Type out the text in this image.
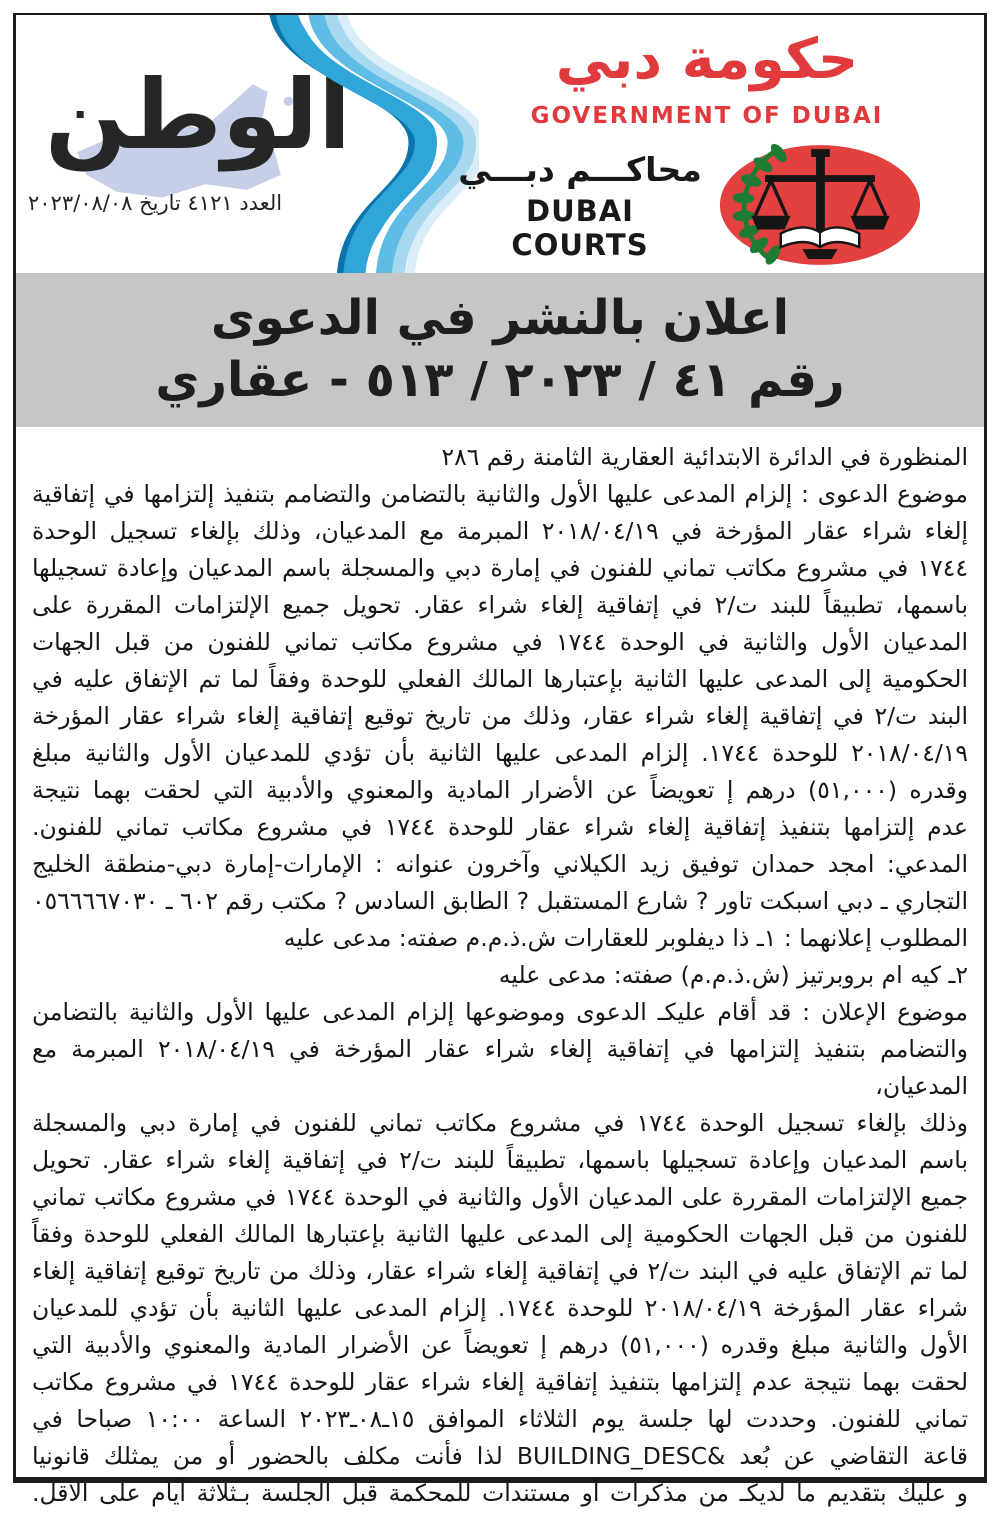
الوطن
العدد ٤١٢١ تاريخ ٢٠٢٣/٠٨/٠٨
حكومة دبي
GOVERNMENT OF DUBAI
محاكـــم دبـــي
DUBAI COURTS
اعلان بالنشر في الدعوى
رقم ٤١ / ٢٠٢٣ / ٥١٣ - عقاري
المنظورة في الدائرة الابتدائية العقارية الثامنة رقم ٢٨٦
موضوع الدعوى : إلزام المدعى عليها الأول والثانية بالتضامن والتضامم بتنفيذ إلتزامها في إتفاقية
إلغاء شراء عقار المؤرخة في ٢٠١٨/٠٤/١٩ المبرمة مع المدعيان، وذلك بإلغاء تسجيل الوحدة
١٧٤٤ في مشروع مكاتب تماني للفنون في إمارة دبي والمسجلة باسم المدعيان وإعادة تسجيلها
باسمها، تطبيقاً للبند ت/٢ في إتفاقية إلغاء شراء عقار. تحويل جميع الإلتزامات المقررة على
المدعيان الأول والثانية في الوحدة ١٧٤٤ في مشروع مكاتب تماني للفنون من قبل الجهات
الحكومية إلى المدعى عليها الثانية بإعتبارها المالك الفعلي للوحدة وفقاً لما تم الإتفاق عليه في
البند ت/٢ في إتفاقية إلغاء شراء عقار، وذلك من تاريخ توقيع إتفاقية إلغاء شراء عقار المؤرخة
٢٠١٨/٠٤/١٩ للوحدة ١٧٤٤. إلزام المدعى عليها الثانية بأن تؤدي للمدعيان الأول والثانية مبلغ
وقدره (٥١,٠٠٠) درهم إ تعويضاً عن الأضرار المادية والمعنوي والأدبية التي لحقت بهما نتيجة
عدم إلتزامها بتنفيذ إتفاقية إلغاء شراء عقار للوحدة ١٧٤٤ في مشروع مكاتب تماني للفنون.
المدعي: امجد حمدان توفيق زيد الكيلاني وآخرون عنوانه : الإمارات-إمارة دبي-منطقة الخليج
التجاري ـ دبي اسبكت تاور ? شارع المستقبل ? الطابق السادس ? مكتب رقم ٦٠٢ ـ ٠٥٦٦٦٦٧٠٣٠
المطلوب إعلانهما : ١ـ ذا ديفلوبر للعقارات ش.ذ.م.م صفته: مدعى عليه
٢ـ كيه ام بروبرتيز (ش.ذ.م.م) صفته: مدعى عليه
موضوع الإعلان : قد أقام عليكـ الدعوى وموضوعها إلزام المدعى عليها الأول والثانية بالتضامن
والتضامم بتنفيذ إلتزامها في إتفاقية إلغاء شراء عقار المؤرخة في ٢٠١٨/٠٤/١٩ المبرمة مع المدعيان،
وذلك بإلغاء تسجيل الوحدة ١٧٤٤ في مشروع مكاتب تماني للفنون في إمارة دبي والمسجلة
باسم المدعيان وإعادة تسجيلها باسمها، تطبيقاً للبند ت/٢ في إتفاقية إلغاء شراء عقار. تحويل
جميع الإلتزامات المقررة على المدعيان الأول والثانية في الوحدة ١٧٤٤ في مشروع مكاتب تماني
للفنون من قبل الجهات الحكومية إلى المدعى عليها الثانية بإعتبارها المالك الفعلي للوحدة وفقاً
لما تم الإتفاق عليه في البند ت/٢ في إتفاقية إلغاء شراء عقار، وذلك من تاريخ توقيع إتفاقية إلغاء
شراء عقار المؤرخة ٢٠١٨/٠٤/١٩ للوحدة ١٧٤٤. إلزام المدعى عليها الثانية بأن تؤدي للمدعيان
الأول والثانية مبلغ وقدره (٥١,٠٠٠) درهم إ تعويضاً عن الأضرار المادية والمعنوي والأدبية التي
لحقت بهما نتيجة عدم إلتزامها بتنفيذ إتفاقية إلغاء شراء عقار للوحدة ١٧٤٤ في مشروع مكاتب
تماني للفنون. وحددت لها جلسة يوم الثلاثاء الموافق ١٥ـ٠٨ـ٢٠٢٣ الساعة ١٠:٠٠ صباحا في
قاعة التقاضي عن بُعد &BUILDING_DESC لذا فأنت مكلف بالحضور أو من يمثلك قانونيا
و عليك بتقديم ما لديكـ من مذكرات أو مستندات للمحكمة قبل الجلسة بـثلاثة أيام على الاقل.
